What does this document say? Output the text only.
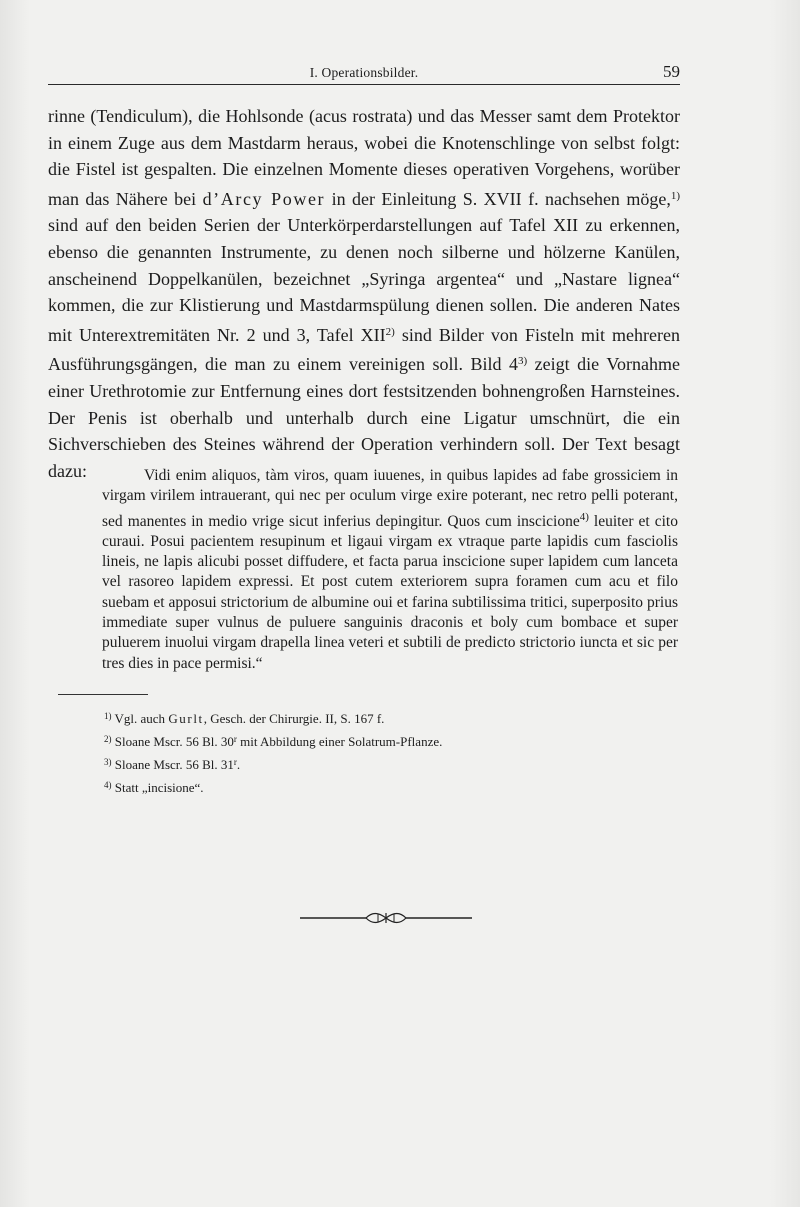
I. Operationsbilder.	59

rinne (Tendiculum), die Hohlsonde (acus rostrata) und das Messer samt dem Protektor in einem Zuge aus dem Mastdarm heraus, wobei die Knotenschlinge von selbst folgt: die Fistel ist gespalten. Die einzelnen Momente dieses operativen Vorgehens, worüber man das Nähere bei d’Arcy Power in der Einleitung S. XVII f. nachsehen möge,$^{1)}$ sind auf den beiden Serien der Unterkörperdarstellungen auf Tafel XII zu erkennen, ebenso die genannten Instrumente, zu denen noch silberne und hölzerne Kanülen, anscheinend Doppelkanülen, bezeichnet „Syringa argentea“ und „Nastare lignea“ kommen, die zur Klistierung und Mastdarmspülung dienen sollen. Die anderen Nates mit Unterextremitäten Nr. 2 und 3, Tafel XII$^{2)}$ sind Bilder von Fisteln mit mehreren Ausführungsgängen, die man zu einem vereinigen soll. Bild 4$^{3)}$ zeigt die Vornahme einer Urethrotomie zur Entfernung eines dort festsitzenden bohnengroßen Harnsteines. Der Penis ist oberhalb und unterhalb durch eine Ligatur umschnürt, die ein Sichverschieben des Steines während der Operation verhindern soll. Der Text besagt dazu:	Vidi enim aliquos, tàm viros, quam iuuenes, in quibus lapides ad fabe grossiciem in virgam virilem intrauerant, qui nec per oculum virge exire poterant, nec retro pelli poterant, sed manentes in medio vrige sicut inferius depingitur. Quos cum inscicione$^{4)}$ leuiter et cito curaui. Posui pacientem resupinum et ligaui virgam ex vtraque parte lapidis cum fasciolis lineis, ne lapis alicubi posset diffudere, et facta parua inscicione super lapidem cum lanceta vel rasoreo lapidem expressi. Et post cutem exteriorem supra foramen cum acu et filo suebam et apposui strictorium de albumine oui et farina subtilissima tritici, superposito prius immediate super vulnus de puluere sanguinis draconis et boly cum bombace et super puluerem inuolui virgam drapella linea veteri et subtili de predicto strictorio iuncta et sic per tres dies in pace permisi.“

$^{1)}$ Vgl. auch Gurlt, Gesch. der Chirurgie. II, S. 167 f.
$^{2)}$ Sloane Mscr. 56 Bl. 30$^r$ mit Abbildung einer Solatrum-Pflanze.
$^{3)}$ Sloane Mscr. 56 Bl. 31$^r$.
$^{4)}$ Statt „incisione“.
